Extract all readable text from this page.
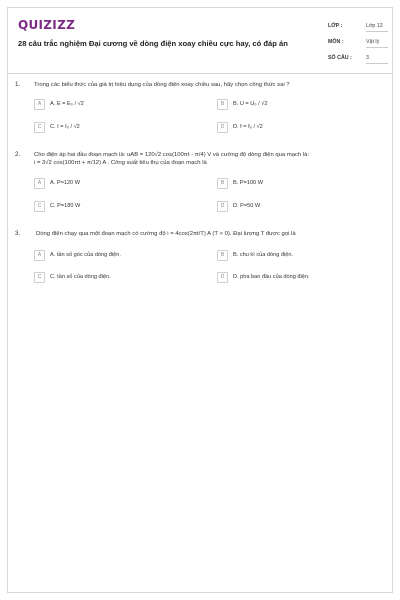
QUIZIZZ
28 câu trắc nghiệm Đại cương về dòng điện xoay chiều cực hay, có đáp án
LỚP :	Lớp 12
MÔN :	Vật lý
SỐ CÂU :	3
1. Trong các biểu thức của giá trị hiệu dụng của dòng điện xoay chiều sau, hãy chọn công thức sai ?
A	A. E = E₀ / √2	B	B. U = U₀ / √2
C	C. I = I₀ / √2	D	D. f = f₀ / √2
2. Cho điện áp hai đầu đoạn mạch là: uAB = 120√2 cos(100πt - π/4) V và cường độ dòng điện qua mạch là:
i = 3√2 cos(100πt + π/12) A . Công suất tiêu thụ của đoạn mạch là
A	A. P=120 W	B	B. P=100 W
C	C. P=180 W	D	D. P=50 W
3.	Dòng điện chạy qua một đoạn mạch có cường độ i = 4cos(2πt/T) A (T > 0). Đại lượng T được gọi là
A	A. tần số góc của dòng điện.	B	B. chu kì của dòng điện.
C	C. tần số của dòng điện.	D	D. pha ban đầu của dòng điện.
